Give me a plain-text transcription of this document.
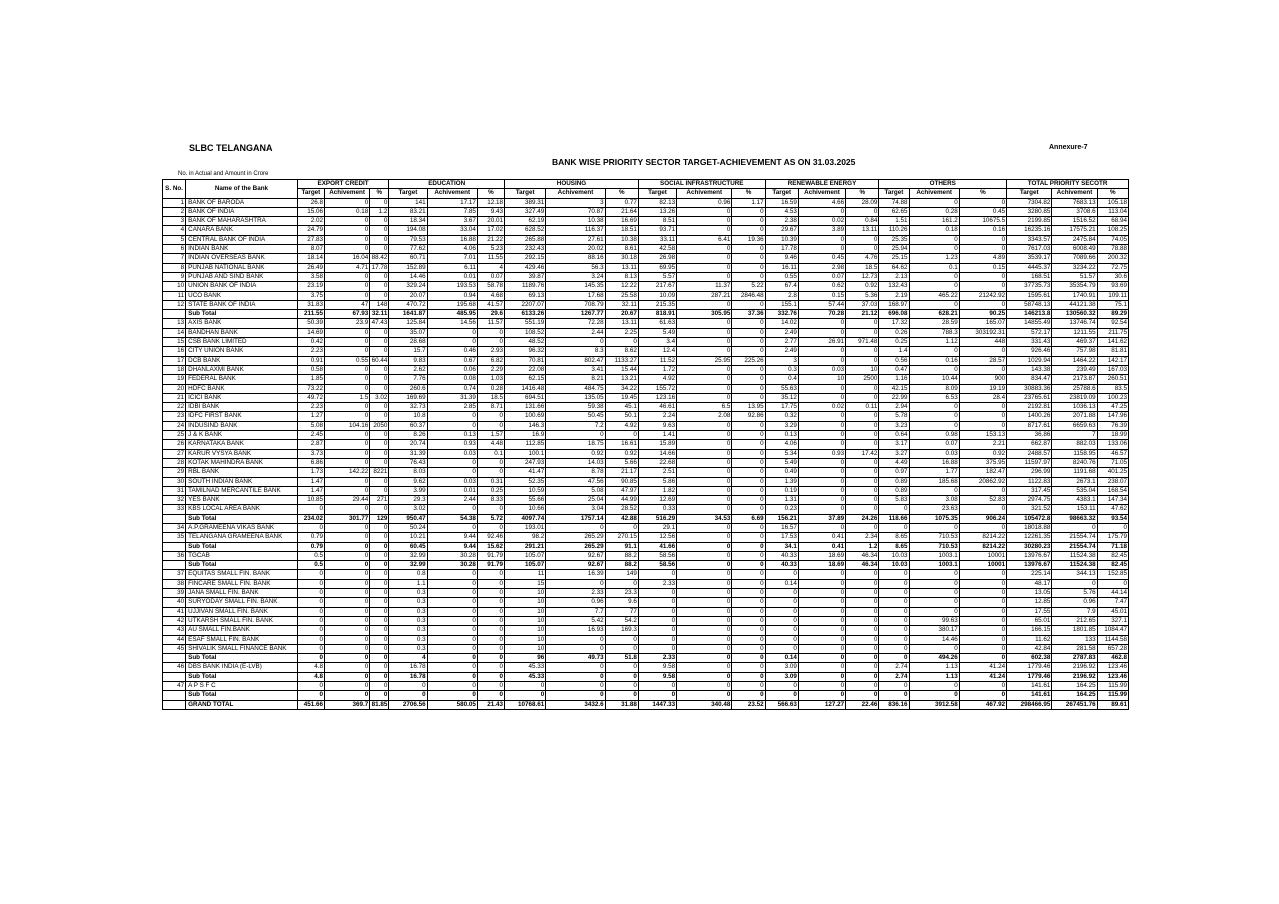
SLBC TELANGANA	Annexure-7
BANK WISE PRIORITY SECTOR TARGET-ACHIEVEMENT AS ON 31.03.2025
No. in Actual and Amount in Crore
S. No.	Name of the Bank	EXPORT CREDIT			EDUCATION			HOUSING			SOCIAL INFRASTRUCTURE			RENEWABLE ENERGY			OTHERS			TOTAL PRIORITY SECOTR		
		Target	Achivement	%	Target	Achivement	%	Target	Achivement	%	Target	Achivement	%	Target	Achivement	%	Target	Achivement	%	Target	Achivement	%
1	BANK OF BARODA	26.8	0	0	141	17.17	12.18	389.31	3	0.77	82.13	0.96	1.17	16.59	4.66	28.09	74.88	0	0	7304.82	7683.13	105.18
2	BANK OF INDIA	15.06	0.18	1.2	83.21	7.85	9.43	327.49	70.87	21.64	13.26	0	0	4.53	0	0	62.65	0.28	0.45	3280.85	3708.6	113.04
3	BANK OF MAHARASHTRA	2.02	0	0	18.34	3.67	20.01	62.19	10.38	16.69	8.51	0	0	2.38	0.02	0.84	1.51	161.2	10675.5	2199.85	1516.52	68.94
4	CANARA BANK	24.79	0	0	194.08	33.04	17.02	628.52	116.37	18.51	93.71	0	0	29.67	3.89	13.11	110.26	0.18	0.16	16235.16	17575.21	108.25
5	CENTRAL BANK OF INDIA	27.83	0	0	79.53	16.88	21.22	265.88	27.61	10.38	33.11	6.41	19.36	10.39	0	0	25.35	0	0	3343.57	2475.84	74.05
6	INDIAN BANK	8.07	0	0	77.62	4.06	5.23	232.43	20.02	8.61	42.58	0	0	17.78	0	0	25.94	0	0	7617.03	6008.49	78.88
7	INDIAN OVERSEAS BANK	18.14	16.04	88.42	60.71	7.01	11.55	292.15	88.16	30.18	26.98	0	0	9.46	0.45	4.76	25.15	1.23	4.89	3539.17	7089.66	200.32
8	PUNJAB NATIONAL BANK	26.49	4.71	17.78	152.89	6.11	4	429.46	56.3	13.11	69.95	0	0	16.11	2.98	18.5	64.62	0.1	0.15	4445.37	3234.22	72.75
9	PUNJAB AND SIND BANK	3.58	0	0	14.46	0.01	0.07	39.87	3.24	8.13	5.57	0	0	0.55	0.07	12.73	2.13	0	0	168.51	51.57	30.6
10	UNION BANK OF INDIA	23.19	0	0	329.24	193.53	58.78	1189.76	145.35	12.22	217.67	11.37	5.22	67.4	0.62	0.92	132.43	0	0	37735.73	35354.79	93.69
11	UCO BANK	3.75	0	0	20.07	0.94	4.68	69.13	17.68	25.58	10.09	287.21	2846.48	2.8	0.15	5.36	2.19	465.22	21242.92	1595.61	1740.91	109.11
12	STATE BANK OF INDIA	31.83	47	148	470.72	195.68	41.57	2207.07	708.79	32.11	215.35	0	0	155.1	57.44	37.03	168.97	0	0	58748.13	44121.38	75.1
	Sub Total	211.55	67.93	32.11	1641.87	485.95	29.6	6133.26	1267.77	20.67	818.91	305.95	37.36	332.76	70.28	21.12	696.08	628.21	90.25	146213.8	130560.32	89.29
13	AXIS BANK	50.39	23.9	47.43	125.84	14.56	11.57	551.19	72.28	13.11	61.63	0	0	14.02	0	0	17.32	28.59	165.07	14855.49	13746.74	92.54
14	BANDHAN BANK	14.69	0	0	35.07	0	0	108.52	2.44	2.25	5.49	0	0	2.49	0	0	0.26	788.3	303192.31	572.17	1211.55	211.75
15	CSB BANK LIMITED	0.42	0	0	28.68	0	0	48.52	0	0	3.4	0	0	2.77	26.91	971.48	0.25	1.12	448	331.43	469.37	141.62
16	CITY UNION BANK	2.23	0	0	15.7	0.46	2.93	96.32	8.3	8.62	12.4	0	0	2.49	0	0	1.4	0	0	926.46	757.98	81.81
17	DCB BANK	0.91	0.55	60.44	9.83	0.67	6.82	70.81	802.47	1133.27	11.52	25.95	225.26	3	0	0	0.56	0.16	28.57	1029.94	1464.22	142.17
18	DHANLAXMI BANK	0.58	0	0	2.62	0.06	2.29	22.08	3.41	15.44	1.72	0	0	0.3	0.03	10	0.47	0	0	143.38	239.49	167.03
19	FEDERAL BANK	1.85	0	0	7.76	0.08	1.03	62.15	8.21	13.21	4.92	0	0	0.4	10	2500	1.16	10.44	900	834.47	2173.87	260.51
20	HDFC BANK	73.22	0	0	260.6	0.74	0.28	1416.48	484.75	34.22	155.72	0	0	55.63	0	0	42.15	8.09	19.19	30883.36	25788.6	83.5
21	ICICI BANK	49.72	1.5	3.02	169.69	31.39	18.5	694.51	135.05	19.45	123.16	0	0	35.12	0	0	22.99	6.53	28.4	23765.61	23819.09	100.23
22	IDBI BANK	2.23	0	0	32.73	2.85	8.71	131.66	59.38	45.1	46.61	6.5	13.95	17.75	0.02	0.11	2.94	0	0	2192.81	1036.13	47.25
23	IDFC FIRST BANK	1.27	0	0	10.8	0	0	100.69	50.45	50.1	2.24	2.08	92.86	0.32	0	0	5.78	0	0	1400.26	2071.88	147.96
24	INDUSIND BANK	5.08	104.16	2050	60.37	0	0	146.3	7.2	4.92	9.63	0	0	3.29	0	0	3.23	0	0	8717.61	6659.63	76.39
25	J & K BANK	2.45	0	0	8.26	0.13	1.57	16.9	0	0	1.41	0	0	0.13	0	0	0.64	0.98	153.13	36.86	7	18.99
26	KARNATAKA BANK	2.87	0	0	20.74	0.93	4.48	112.85	18.75	16.61	15.89	0	0	4.06	0	0	3.17	0.07	2.21	662.87	882.03	133.06
27	KARUR VYSYA BANK	3.73	0	0	31.39	0.03	0.1	100.1	0.92	0.92	14.66	0	0	5.34	0.93	17.42	3.27	0.03	0.92	2488.57	1158.95	46.57
28	KOTAK MAHINDRA BANK	6.86	0	0	76.43	0	0	247.93	14.03	5.66	22.68	0	0	5.49	0	0	4.49	16.88	375.95	11597.97	8240.76	71.05
29	RBL BANK	1.73	142.22	8221	8.03	0	0	41.47	8.78	21.17	2.51	0	0	0.49	0	0	0.97	1.77	182.47	296.99	1191.68	401.25
30	SOUTH INDIAN BANK	1.47	0	0	9.62	0.03	0.31	52.35	47.56	90.85	5.86	0	0	1.39	0	0	0.89	185.68	20862.92	1122.83	2673.1	238.07
31	TAMILNAD MERCANTILE BANK	1.47	0	0	3.99	0.01	0.25	10.59	5.08	47.97	1.82	0	0	0.19	0	0	0.89	0	0	317.45	535.04	168.54
32	YES BANK	10.85	29.44	271	29.3	2.44	8.33	55.66	25.04	44.99	12.69	0	0	1.31	0	0	5.83	3.08	52.83	2974.75	4383.1	147.34
33	KBS LOCAL AREA BANK	0	0	0	3.02	0	0	10.66	3.04	28.52	0.33	0	0	0.23	0	0	0	23.63	0	321.52	153.11	47.62
	Sub Total	234.02	301.77	129	950.47	54.38	5.72	4097.74	1757.14	42.88	516.29	34.53	6.69	156.21	37.89	24.26	118.66	1075.35	906.24	105472.8	98663.32	93.54
34	A.P.GRAMEENA VIKAS BANK	0	0	0	50.24	0	0	193.01	0	0	29.1	0	0	16.57	0	0	0	0	0	18018.88	0	0
35	TELANGANA GRAMEENA BANK	0.79	0	0	10.21	9.44	92.46	98.2	265.29	270.15	12.56	0	0	17.53	0.41	2.34	8.65	710.53	8214.22	12261.35	21554.74	175.79
	Sub Total	0.79	0	0	60.45	9.44	15.62	291.21	265.29	91.1	41.66	0	0	34.1	0.41	1.2	8.65	710.53	8214.22	30280.23	21554.74	71.18
36	TGCAB	0.5	0	0	32.99	30.28	91.79	105.07	92.67	88.2	58.56	0	0	40.33	18.69	46.34	10.03	1003.1	10001	13976.67	11524.38	82.45
	Sub Total	0.5	0	0	32.99	30.28	91.79	105.07	92.67	88.2	58.56	0	0	40.33	18.69	46.34	10.03	1003.1	10001	13976.67	11524.38	82.45
37	EQUITAS SMALL FIN. BANK	0	0	0	0.8	0	0	11	16.39	149	0	0	0	0	0	0	0	0	0	225.14	344.13	152.85
38	FINCARE SMALL FIN. BANK	0	0	0	1.1	0	0	15	0	0	2.33	0	0	0.14	0	0	0	0	0	48.17	0	0
39	JANA SMALL FIN. BANK	0	0	0	0.3	0	0	10	2.33	23.3	0	0	0	0	0	0	0	0	0	13.05	5.76	44.14
40	SURYODAY SMALL FIN. BANK	0	0	0	0.3	0	0	10	0.96	9.6	0	0	0	0	0	0	0	0	0	12.85	0.96	7.47
41	UJJIVAN SMALL FIN. BANK	0	0	0	0.3	0	0	10	7.7	77	0	0	0	0	0	0	0	0	0	17.55	7.9	45.01
42	UTKARSH SMALL FIN. BANK	0	0	0	0.3	0	0	10	5.42	54.2	0	0	0	0	0	0	0	99.63	0	65.01	212.65	327.1
43	AU SMALL FIN.BANK	0	0	0	0.3	0	0	10	16.93	169.3	0	0	0	0	0	0	0	380.17	0	166.15	1801.85	1084.47
44	ESAF SMALL FIN. BANK	0	0	0	0.3	0	0	10	0	0	0	0	0	0	0	0	0	14.46	0	11.62	133	1144.58
45	SHIVALIK SMALL FINANCE BANK	0	0	0	0.3	0	0	10	0	0	0	0	0	0	0	0	0	0	0	42.84	281.58	657.28
	Sub Total	0	0	0	4	0	0	96	49.73	51.8	2.33	0	0	0.14	0	0	0	494.26	0	602.38	2787.83	462.8
46	DBS BANK INDIA (E-LVB)	4.8	0	0	16.78	0	0	45.33	0	0	9.58	0	0	3.09	0	0	2.74	1.13	41.24	1779.46	2196.92	123.46
	Sub Total	4.8	0	0	16.78	0	0	45.33	0	0	9.58	0	0	3.09	0	0	2.74	1.13	41.24	1779.46	2196.92	123.46
47	A P S F C	0	0	0	0	0	0	0	0	0	0	0	0	0	0	0	0	0	0	141.61	164.25	115.99
	Sub Total	0	0	0	0	0	0	0	0	0	0	0	0	0	0	0	0	0	0	141.61	164.25	115.99
	GRAND TOTAL	451.66	369.7	81.85	2706.56	580.05	21.43	10768.61	3432.6	31.88	1447.33	340.48	23.52	566.63	127.27	22.46	836.16	3912.58	467.92	298466.95	267451.76	89.61
